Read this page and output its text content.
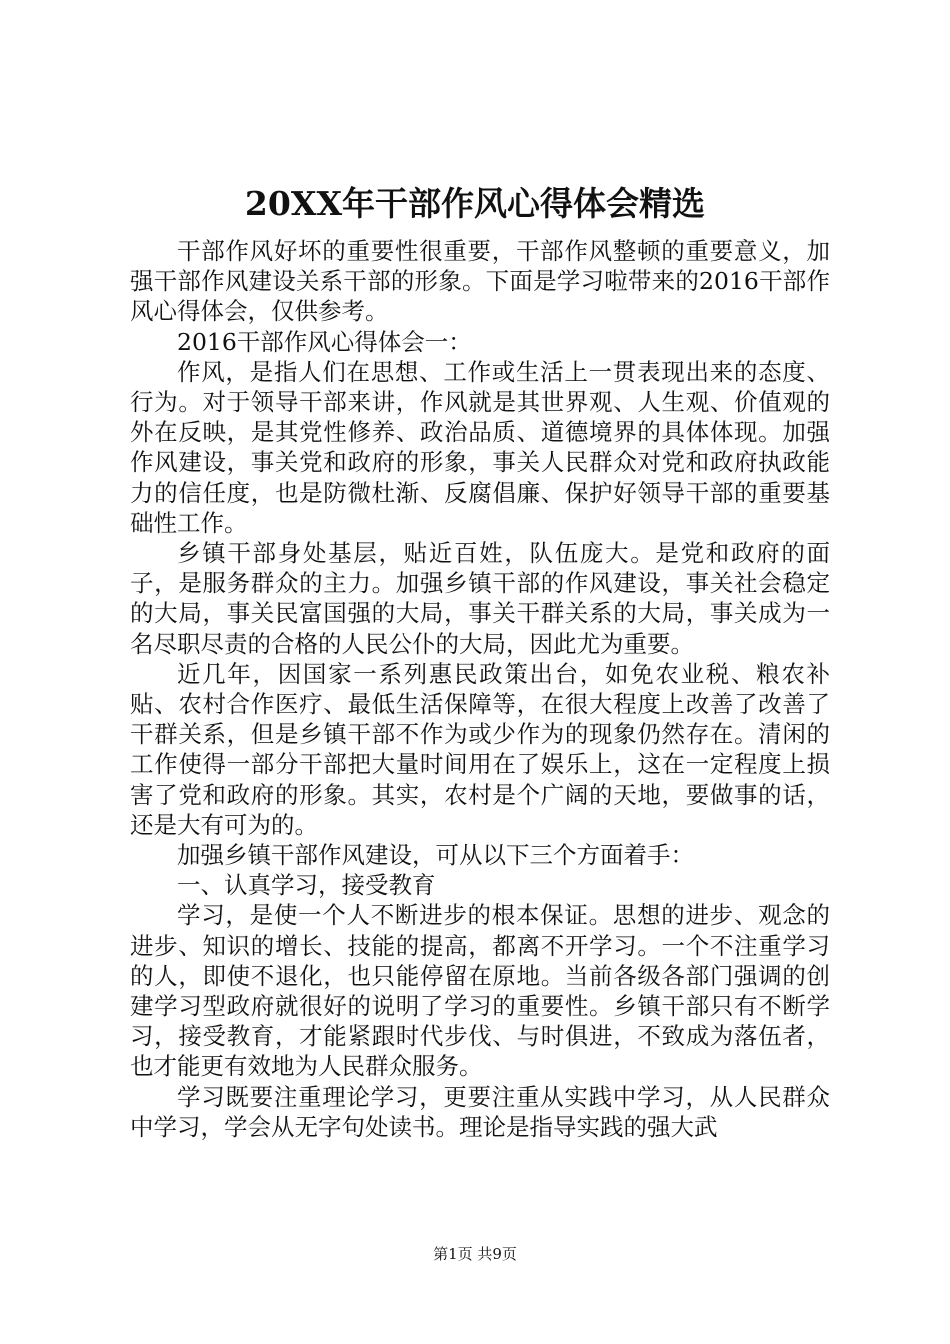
20XX年干部作风心得体会精选

干部作风好坏的重要性很重要，干部作风整顿的重要意义，加强干部作风建设关系干部的形象。下面是学习啦带来的2016干部作风心得体会，仅供参考。

2016干部作风心得体会一：

作风，是指人们在思想、工作或生活上一贯表现出来的态度、行为。对于领导干部来讲，作风就是其世界观、人生观、价值观的外在反映，是其党性修养、政治品质、道德境界的具体体现。加强作风建设，事关党和政府的形象，事关人民群众对党和政府执政能力的信任度，也是防微杜渐、反腐倡廉、保护好领导干部的重要基础性工作。

乡镇干部身处基层，贴近百姓，队伍庞大。是党和政府的面子，是服务群众的主力。加强乡镇干部的作风建设，事关社会稳定的大局，事关民富国强的大局，事关干群关系的大局，事关成为一名尽职尽责的合格的人民公仆的大局，因此尤为重要。

近几年，因国家一系列惠民政策出台，如免农业税、粮农补贴、农村合作医疗、最低生活保障等，在很大程度上改善了改善了干群关系，但是乡镇干部不作为或少作为的现象仍然存在。清闲的工作使得一部分干部把大量时间用在了娱乐上，这在一定程度上损害了党和政府的形象。其实，农村是个广阔的天地，要做事的话，还是大有可为的。

加强乡镇干部作风建设，可从以下三个方面着手：

一、认真学习，接受教育

学习，是使一个人不断进步的根本保证。思想的进步、观念的进步、知识的增长、技能的提高，都离不开学习。一个不注重学习的人，即使不退化，也只能停留在原地。当前各级各部门强调的创建学习型政府就很好的说明了学习的重要性。乡镇干部只有不断学习，接受教育，才能紧跟时代步伐、与时俱进，不致成为落伍者，也才能更有效地为人民群众服务。

学习既要注重理论学习，更要注重从实践中学习，从人民群众中学习，学会从无字句处读书。理论是指导实践的强大武

第1页 共9页
